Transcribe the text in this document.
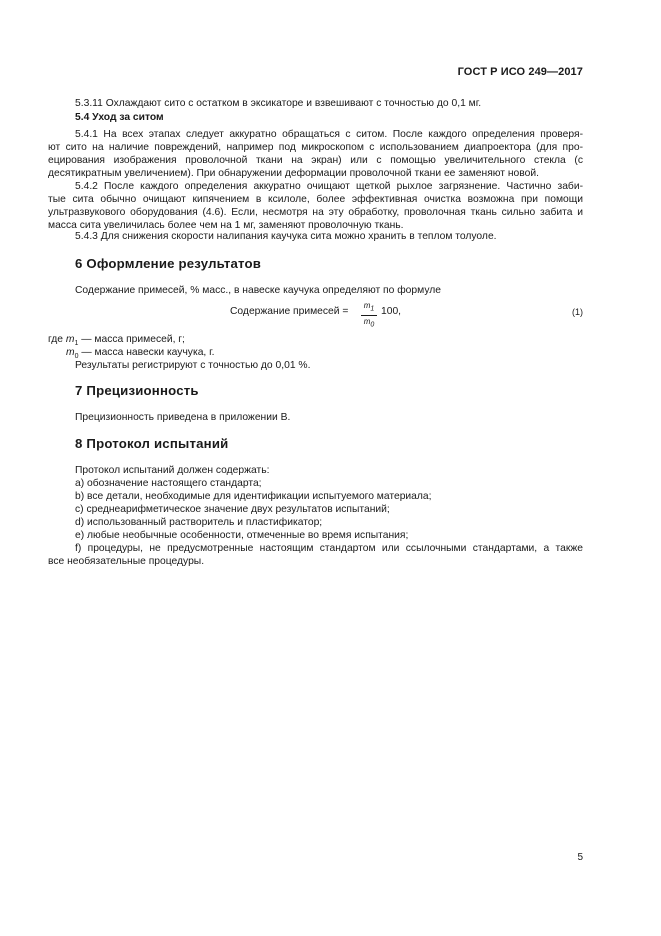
ГОСТ Р ИСО 249—2017
5.3.11 Охлаждают сито с остатком в эксикаторе и взвешивают с точностью до 0,1 мг.
5.4 Уход за ситом
5.4.1 На всех этапах следует аккуратно обращаться с ситом. После каждого определения проверя-
ют сито на наличие повреждений, например под микроскопом с использованием диапроектора (для про-ецирования изображения проволочной ткани на экран) или с помощью увеличительного стекла (с десятикратным увеличением). При обнаружении деформации проволочной ткани ее заменяют новой.
5.4.2 После каждого определения аккуратно очищают щеткой рыхлое загрязнение. Частично заби-
тые сита обычно очищают кипячением в ксилоле, более эффективная очистка возможна при помощи ультразвукового оборудования (4.6). Если, несмотря на эту обработку, проволочная ткань сильно забита и масса сита увеличилась более чем на 1 мг, заменяют проволочную ткань.
5.4.3 Для снижения скорости налипания каучука сита можно хранить в теплом толуоле.
6 Оформление результатов
Содержание примесей, % масс., в навеске каучука определяют по формуле
Содержание примесей = $\frac{m_1}{m_0} 100$,	(1)
где $m_1$ — масса примесей, г;
$m_0$ — масса навески каучука, г.
Результаты регистрируют с точностью до 0,01 %.
7 Прецизионность
Прецизионность приведена в приложении В.
8 Протокол испытаний
Протокол испытаний должен содержать:
a) обозначение настоящего стандарта;
b) все детали, необходимые для идентификации испытуемого материала;
c) среднеарифметическое значение двух результатов испытаний;
d) использованный растворитель и пластификатор;
e) любые необычные особенности, отмеченные во время испытания;
f) процедуры, не предусмотренные настоящим стандартом или ссылочными стандартами, а также
все необязательные процедуры.
5
